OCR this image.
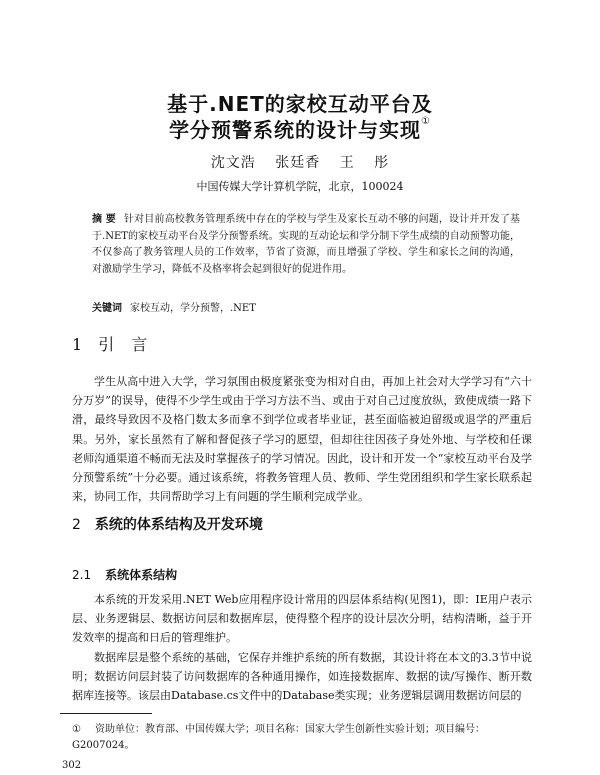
基于.NET的家校互动平台及
学分预警系统的设计与实现①
沈文浩 张廷香 王 彤
中国传媒大学计算机学院，北京，100024
摘 要 针对目前高校教务管理系统中存在的学校与学生及家长互动不够的问题，设计并开发了基于.NET的家校互动平台及学分预警系统。实现的互动论坛和学分制下学生成绩的自动预警功能，不仅参高了教务管理人员的工作效率，节省了资源，而且增强了学校、学生和家长之间的沟通，对激励学生学习，降低不及格率将会起到很好的促进作用。
关键词 家校互动，学分预警，.NET
1 引 言
学生从高中进入大学，学习氛围由极度紧张变为相对自由，再加上社会对大学学习有“六十分万岁”的误导，使得不少学生或由于学习方法不当、或由于对自己过度放纵，致使成绩一路下滑，最终导致因不及格门数太多而拿不到学位或者毕业证，甚至面临被迫留级或退学的严重后果。另外，家长虽然有了解和督促孩子学习的愿望，但却往往因孩子身处外地、与学校和任课老师沟通渠道不畅而无法及时掌握孩子的学习情况。因此，设计和开发一个“家校互动平台及学分预警系统”十分必要。通过该系统，将教务管理人员、教师、学生党团组织和学生家长联系起来，协同工作，共同帮助学习上有问题的学生顺利完成学业。
2 系统的体系结构及开发环境
2.1 系统体系结构
本系统的开发采用.NET Web应用程序设计常用的四层体系结构(见图1)，即：IE用户表示层、业务逻辑层、数据访问层和数据库层，使得整个程序的设计层次分明，结构清晰，益于开发效率的提高和日后的管理维护。
数据库层是整个系统的基础，它保存并维护系统的所有数据，其设计将在本文的3.3节中说明；数据访问层封装了访问数据库的各种通用操作，如连接数据库、数据的读/写操作、断开数据库连接等。该层由Database.cs文件中的Database类实现；业务逻辑层调用数据访问层的
① 资助单位：教育部、中国传媒大学；项目名称：国家大学生创新性实验计划；项目编号：G2007024。
302
